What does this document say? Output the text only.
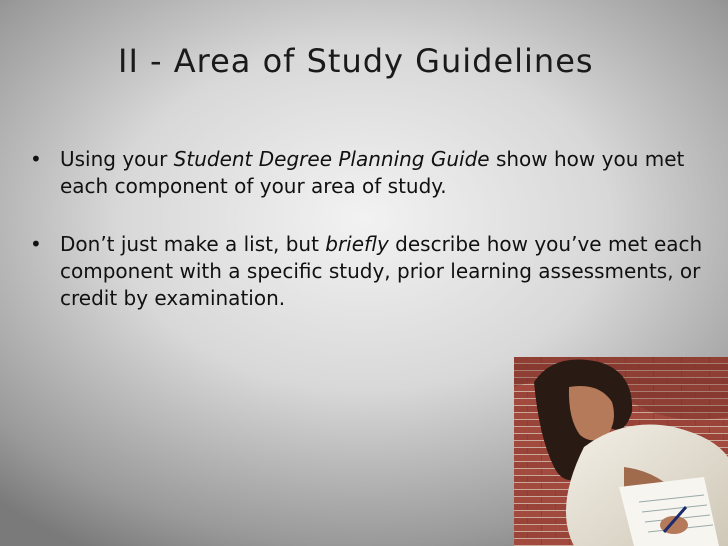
II - Area of Study Guidelines
• Using your Student Degree Planning Guide show how you met each component of your area of study.
• Don’t just make a list, but briefly describe how you’ve met each component with a specific study, prior learning assessments, or credit by examination.
